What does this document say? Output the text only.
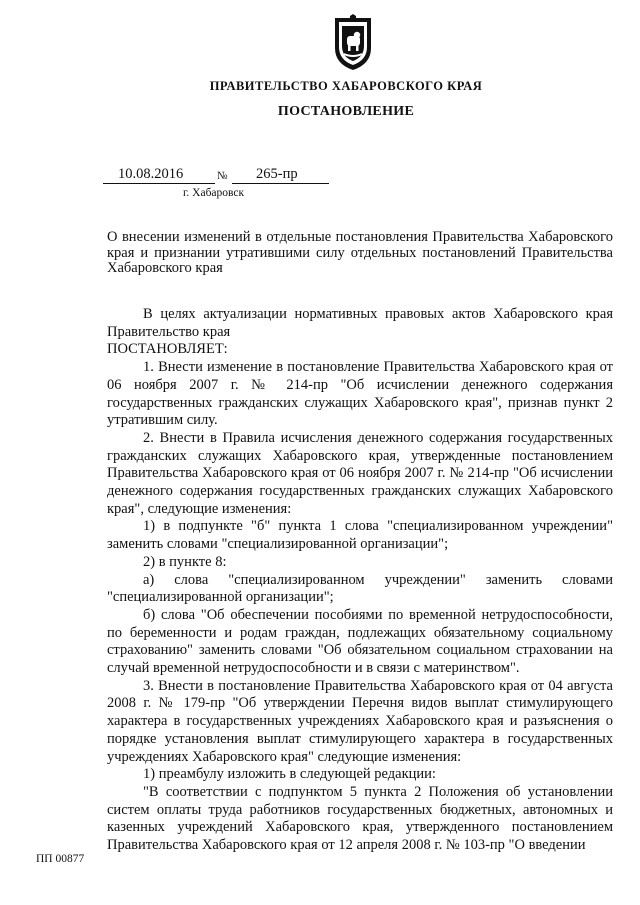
ПРАВИТЕЛЬСТВО ХАБАРОВСКОГО КРАЯ
ПОСТАНОВЛЕНИЕ
10.08.2016	№	265-пр
г. Хабаровск
О внесении изменений в отдельные постановления Правительства Хабаровского края и признании утратившими силу отдельных постановлений Правительства Хабаровского края

В целях актуализации нормативных правовых актов Хабаровского края Правительство края

ПОСТАНОВЛЯЕТ:

1. Внести изменение в постановление Правительства Хабаровского края от 06 ноября 2007 г. № 214-пр "Об исчислении денежного содержания государственных гражданских служащих Хабаровского края", признав пункт 2 утратившим силу.

2. Внести в Правила исчисления денежного содержания государственных гражданских служащих Хабаровского края, утвержденные постановлением Правительства Хабаровского края от 06 ноября 2007 г. № 214-пр "Об исчислении денежного содержания государственных гражданских служащих Хабаровского края", следующие изменения:

1) в подпункте "б" пункта 1 слова "специализированном учреждении" заменить словами "специализированной организации";

2) в пункте 8:

а) слова "специализированном учреждении" заменить словами "специализированной организации";

б) слова "Об обеспечении пособиями по временной нетрудоспособности, по беременности и родам граждан, подлежащих обязательному социальному страхованию" заменить словами "Об обязательном социальном страховании на случай временной нетрудоспособности и в связи с материнством".

3. Внести в постановление Правительства Хабаровского края от 04 августа 2008 г. № 179-пр "Об утверждении Перечня видов выплат стимулирующего характера в государственных учреждениях Хабаровского края и разъяснения о порядке установления выплат стимулирующего характера в государственных учреждениях Хабаровского края" следующие изменения:

1) преамбулу изложить в следующей редакции:

"В соответствии с подпунктом 5 пункта 2 Положения об установлении систем оплаты труда работников государственных бюджетных, автономных и казенных учреждений Хабаровского края, утвержденного постановлением Правительства Хабаровского края от 12 апреля 2008 г. № 103-пр "О введении

ПП 00877
